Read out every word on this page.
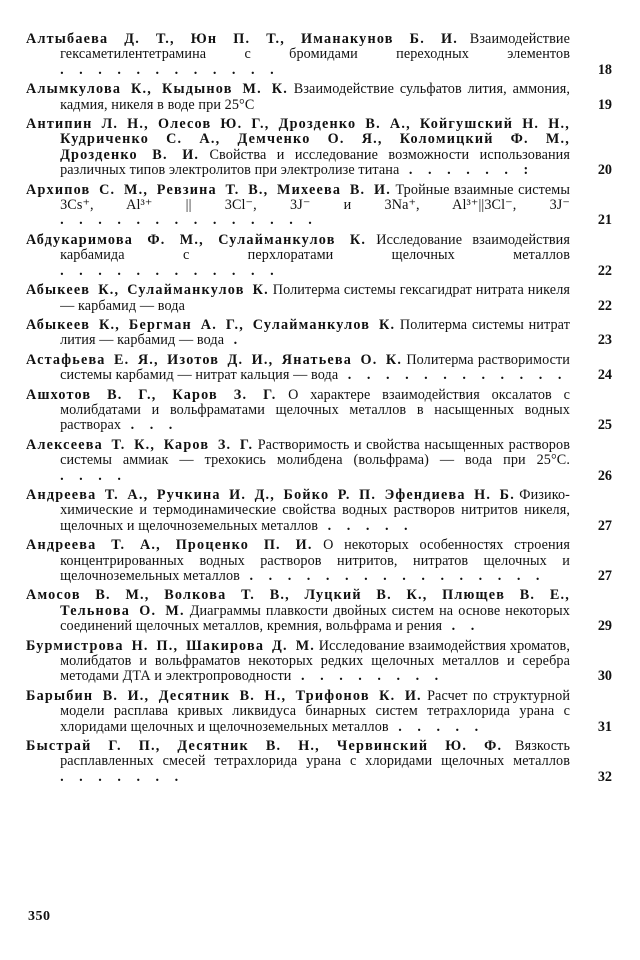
Алтыбаева Д. Т., Юн П. Т., Иманакунов Б. И. Взаимодействие гексаметилентетрамина с бромидами переходных элементов . . . . . . . . . . . .	18
Алымкулова К., Кыдынов М. К. Взаимодействие сульфатов лития, аммония, кадмия, никеля в воде при 25°С	19
Антипин Л. Н., Олесов Ю. Г., Дрозденко В. А., Койгушский Н. Н., Кудриченко С. А., Демченко О. Я., Коломицкий Ф. М., Дрозденко В. И. Свойства и исследование возможности использования различных типов электролитов при электролизе титана . . . . . . :	20
Архипов С. М., Ревзина Т. В., Михеева В. И. Тройные взаимные системы 3Cs⁺, Al³⁺ || 3Cl⁻, 3J⁻ и 3Na⁺, Al³⁺||3Cl⁻, 3J⁻ . . . . . . . . . . . . . .	21
Абдукаримова Ф. М., Сулайманкулов К. Исследование взаимодействия карбамида с перхлоратами щелочных металлов . . . . . . . . . . . .	22
Абыкеев К., Сулайманкулов К. Политерма системы гексагидрат нитрата никеля — карбамид — вода	22
Абыкеев К., Бергман А. Г., Сулайманкулов К. Политерма системы нитрат лития — карбамид — вода .	23
Астафьева Е. Я., Изотов Д. И., Янатьева О. К. Политерма растворимости системы карбамид — нитрат кальция — вода . . . . . . . . . . . .	24
Ашхотов В. Г., Каров З. Г. О характере взаимодействия оксалатов с молибдатами и вольфраматами щелочных металлов в насыщенных водных растворах . . .	25
Алексеева Т. К., Каров З. Г. Растворимость и свойства насыщенных растворов системы аммиак — трехокись молибдена (вольфрама) — вода при 25°С. . . . .	26
Андреева Т. А., Ручкина И. Д., Бойко Р. П. Эфендиева Н. Б. Физико-химические и термодинамические свойства водных растворов нитритов никеля, щелочных и щелочноземельных металлов . . . . .	27
Андреева Т. А., Проценко П. И. О некоторых особенностях строения концентрированных водных растворов нитритов, нитратов щелочных и щелочноземельных металлов . . . . . . . . . . . . . . . .	27
Амосов В. М., Волкова Т. В., Луцкий В. К., Плющев В. Е., Тельнова О. М. Диаграммы плавкости двойных систем на основе некоторых соединений щелочных металлов, кремния, вольфрама и рения . .	29
Бурмистрова Н. П., Шакирова Д. М. Исследование взаимодействия хроматов, молибдатов и вольфраматов некоторых редких щелочных металлов и серебра методами ДТА и электропроводности . . . . . . . .	30
Барыбин В. И., Десятник В. Н., Трифонов К. И. Расчет по структурной модели расплава кривых ликвидуса бинарных систем тетрахлорида урана с хлоридами щелочных и щелочноземельных металлов . . . . .	31
Быстрай Г. П., Десятник В. Н., Червинский Ю. Ф. Вязкость расплавленных смесей тетрахлорида урана с хлоридами щелочных металлов . . . . . . .	32
350
